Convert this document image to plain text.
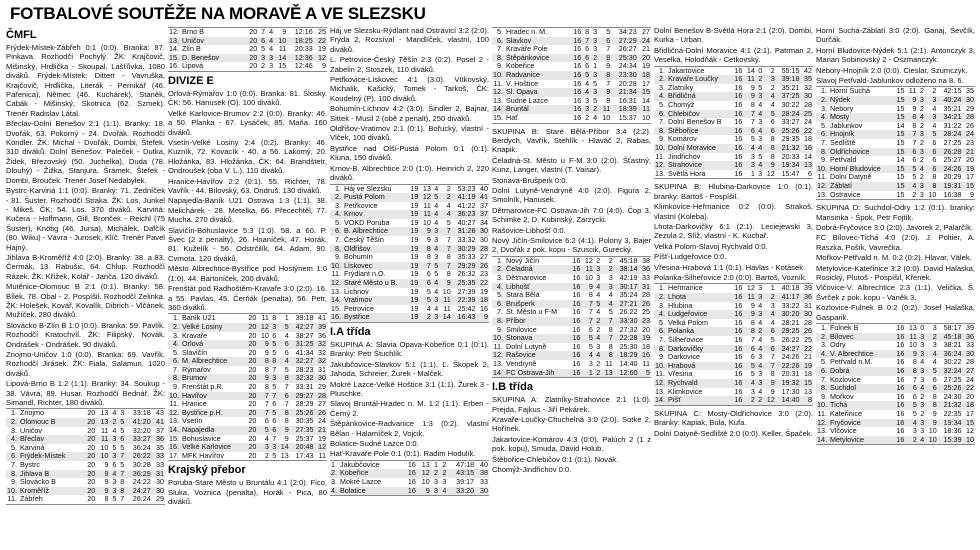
FOTBALOVÉ SOUTĚŽE NA MORAVĚ A VE SLEZSKU
ČMFL

Frýdek-Místek-Zábřeh 0:1 (0:0). Branka: 87. Pinkava. Rozhodčí Pochylý. ŽK: Krajčovič, Mišinský, Hrdlička - Skoupal, Lašťůvka. 1080 diváků. Frýdek-Místek: Dittert - Vavruška, Krajčovič, Hrdlička, Literák - Pernikář (46. Pařenica), Němec (46. Kuchárek), Staněk, Cabák - Mišinský, Skotnica (62. Szmek). Trenér Radislav Látal.

Břeclav-Dolní Benešov 2:1 (1:1). Branky: 18. Dvořák, 63. Pokorný - 24. Dvořák. Rozhodčí Kondler. ŽK: Michal - Dvořák, Dombi, Štefek. 310 diváků. Dolní Benešov: Paleček - Dutka, Židek, Březovský (50. Juchelka), Duda (78. Dlouhý) - Žižka, Stanjura, Šrámek, Štefek - Dombi, Brouček. Trenér Josef Nedabylek.

Bystrc-Karviná 1:1 (0:0). Branky: 71. Zedníček - 81. Šuster. Rozhodčí Straka. ŽK: Los, Junkel - Mikeš. ČK: 54. Los. 370 diváků. Karviná: Kučera - Hoffmann, Gill, Bronček - Reichl (75 Šuster), Knötig (46. Jursa), Michálek, Dafčík (80. Wiku) - Vávra - Jurosek, Klíč. Trenér Pavel Hajný.

Jihlava B-Kroměříž 4:0 (2:0). Branky: 38. a 83. Čermák, 13. Rabušic, 64. Chlup. Rozhodčí Rázek. ŽK: Křížek, Kolář - Janča. 120 diváků.

Mutěnice-Olomouc B 2:1 (0:1). Branky: 58. Bílek, 78. Obal - 2. Pospíšil. Rozhodčí Zelinka. ŽK: Holešek, Kovář, Kovalík, Dibrich - Vlčánek, Mužíček. 280 diváků.

Slovácko B-Zlín B 1:0 (0:0). Branka: 59. Pavlík. Rozhodčí Kratochvíl. ŽK: Filipský, Novák, Ondrášek - Ondrášek. 90 diváků.

Znojmo-Uničov 1:0 (0:0). Branka: 69. Vavřík. Rozhodčí Jirásek. ŽK: Fiala, Salamun. 1020 diváků.

Lipová-Brno B 1:2 (1:1). Branky: 34. Soukup - 38. Vávra, 89. Husar. Rozhodčí Bednář. ŽK: Simandl, Richter. 180 diváků.

1.	Znojmo	20	13	4	3	33:18	43
2.	Olomouc B	20	13	2	5	41:20	41
3.	Uničov	20	11	4	5	32:20	37
4.	Břeclav	20	11	3	6	33:27	36
5.	Karviná	20	10	5	5	36:24	35
6.	Frýdek-Místek	20	10	3	7	26:22	33
7.	Bystrc	20	9	6	5	30:28	33
8.	Jihlava B	20	9	4	7	36:29	31
9.	Slovácko B	20	9	3	8	24:22	30
10.	Kroměříž	20	9	3	8	24:27	30
11.	Zábřeh	20	8	5	7	26:24	29
12.	Brno B	20	7	4	9	12:16	25
13.	Uničov	20	6	4	10	18:25	22
14.	Zlín B	20	5	4	11	20:33	19
15.	D. Benešov	20	3	3	14	12:36	12
16.	Lipová	20	2	3	15	12:46	9
DIVIZE E

Orlová-Rýmařov 1:0 (0:0). Branka: 81. Šlosky. ČK: 56. Hanusek (O). 100 diváků.

Velké Karlovice-Brumov 2:2 (0:0). Branky: 46. a 50. Planka - 67. Lysáček, 85. Maňa. 160 diváků.

Vsetín-Velké Losiny 2:4 (0:2). Branky: 46. Kuzník, 72. Kovacík - 40. a 56. Lakomý, 20. Hložánka, 83. Hložánka. ČK: 64. Brandštetr, Ondroušek (oba V. L.), 110 diváků.

Hranice-Havířov 2:2 (0:1). 55. Richter, 78. Vavřík - 44. Bílovský, 63. Ondruš. 130 diváků.

Napajedla-Baník U21 Ostrava 1:3 (1:1). 38. Melichárek - 28. Metelka, 66. Přecechtěl, 77. Mucha. 270 diváků.

Slavičín-Bohuslavice 5:3 (1:0). 58. a 60. P. Švec (2 z penalty), 26. Hnaníček, 47. Horák, 81. Kuželík - 56. Odstrčilík, 64. Adam, 90. Cvrnota. 120 diváků.

Město Albrechtice-Bystřice pod Hostýnem 1:0 (1:0). 44. Bartoníček, 200 diváků.

Frenštát pod Radhoštěm-Kravaře 3:0 (2:0). 16. a 55. Pavlas, 45. Čerňák (penalta), 56. Petr, 360 diváků.

1.	Baník U21	20	11	8	1	39:18	41
2.	Velké Losiny	20	12	3	5	42:27	39
3.	Kravaře	20	10	6	4	38:27	36
4.	Orlová	20	9	5	6	31:25	32
5.	Slavičín	20	9	5	6	41:34	32
6.	M. Albrechtice	20	8	8	4	32:27	32
7.	Rýmařov	20	8	7	5	28:23	31
8.	Brumov	20	9	3	8	32:32	30
9.	Frenštát p.R.	20	8	5	7	33:31	29
10.	Havířov	20	7	7	6	29:27	28
11.	Hranice	20	7	6	7	28:29	27
12.	Bystřice p.H.	20	7	5	8	25:26	26
13.	Vsetín	20	6	6	8	30:35	24
14.	Napajedla	20	5	6	9	27:35	21
15.	Bohuslavice	20	4	7	9	25:37	19
16.	Velké Karlovice	20	3	3	14	20:48	12
17.	MFK Havířov	20	2	5	13	17:43	11
Krajský přebor

Poruba-Staré Město u Bruntálu 4:1 (2:0). Fico, Sluka, Voznica (penalta), Horák - Pica, 80 diváků.

Háj ve Slezsku-Rýdlant nad Ostravicí 3:2 (2:0). Frýda 2, Rozsíval - Mandlíček, vlastní, 100 diváků.

L. Petrovice-Český Těšín 2:3 (0:2). Posel 2 - Zabelin 2, Stoszek, 110 diváků.

Petřkovice-Lískovec 4:1 (3:0). Vítkovský, Michalik, Kašický, Tomek - Tarkoš, ČK: Koudelný (P), 100 diváků.

Bohumín-Lichnov 4:2 (3:0). Šindler 2, Bajnar, Sittek - Musil 2 (obě z penalt), 250 diváků.

Oldřišov-Vratimov 2:1 (0:1). Bořucký, vlastní - Vlček, 100 diváků.

Bystřice nad Olší-Pustá Polom 0:1 (0:1). Kluna, 150 diváků.

Krnov-B. Albrechtice 2:0 (1:0). Heinrich 2, 220 diváků.

1.	Háj ve Slezsku	19	13	4	2	53:23	40
2.	Pustá Polom	19	12	5	2	41:19	41
3.	Petřkovice	19	11	4	4	41:22	37
4.	Krnov	19	11	4	4	36:23	37
5.	VOKD Poruba	19	10	4	5	40:27	34
6.	B. Albrechtice	19	9	3	7	31:26	30
7.	Český Těšín	19	9	3	7	33:32	30
8.	Oldřišov	19	8	4	7	30:29	28
9.	Bohumín	19	8	3	8	35:33	27
10.	Lískovec	19	7	5	7	29:29	26
11.	Frýdlant n.O.	19	6	5	8	26:32	23
12.	Staré Město u B.	19	6	4	9	25:35	22
13.	Lichnov	19	5	4	10	27:39	19
14.	Vratimov	19	5	3	11	22:39	18
15.	Petrovice	19	4	4	11	25:42	16
16.	Bystřice	19	2	3	14	16:43	9
I.A třída

SKUPINA A: Slavia Opava-Kobeřice 0:1 (0:1). Branky: Petr Štuchlík.

Jakubčovice-Slavkov 5:1 (1:1). Ľ. Škopek 2, Jahoda, Schreier, Žurek - Malček.

Mokré Lazce-Velké Hoštice 3:1 (1:1). Žurek 3 - Pluschke.

Slavoj Bruntál-Hradec n. M. 1:2 (1:1). Erben - Černý 2.

Štěpánkovice-Radvanice 1:3 (0:2). vlastní Bělan - Halamíček 2, Vojcik.

Bolatice-Sudné Lazce 0:0.

Hať-Kravaře Pole 0:1 (0:1). Radim Hodulík.

1.	Jakubčovice	16	13	1	2	47:18	40
2.	Kobeřice	16	12	2	2	43:15	38
3.	Mokré Lazce	16	10	3	3	39:17	33
4.	Bolatice	16	9	3	4	33:20	30
5.	Hradec n. M.	16	8	3	5	34:23	27
6.	Slavkov	16	7	3	6	27:29	24
7.	Kravaře Pole	16	6	3	7	26:27	21
8.	Štěpánkovice	16	6	2	8	25:30	20
9.	Kobeřice	16	6	1	9	24:34	19
10.	Radvanice	16	5	3	8	23:30	18
11.	V. Hoštice	16	4	5	7	20:28	17
12.	Sl. Opava	16	4	3	9	21:34	15
13.	Sudné Lazce	16	3	5	8	16:31	14
14.	Bruntál	16	3	2	11	18:39	11
15.	Hať	16	2	4	10	15:37	10

SKUPINA B: Staré Bělá-Příbor 3:4 (2:2). Berdych, Vavřík, Stehlík - Hlaváč 2, Rabas, Knapik.

Čeladná-St. Město u F-M 3:0 (2:0). Šťastný, Kunz, Langer, vlastní (T. Vaisar).

Stonava-Brušperk 0:0.

Dolní Lutyně-Vendryně 4:0 (2:0). Figura 2, Smolník, Hanusek.

Dětmarovice-FC Ostrava-Jih 7:0 (4:0). Čop 3, Schimke 2, D. Kubinský, Zarzycki.

Rašovice-Libhošť 0:0.

Nový Jičín-Smilovice 6:2 (4:1). Polony 3, Bajer 2, Dvořák z pok. kopu - Szuscik, Gurecký.

1.	Nový Jičín	16	12	2	2	45:18	38
2.	Čeladná	16	11	3	2	38:14	36
3.	Dětmarovice	16	10	3	3	42:19	33
4.	Libhošť	16	9	4	3	30:17	31
5.	Stará Bělá	16	8	4	4	35:24	28
6.	Brušperk	16	7	5	4	27:21	26
7.	St. Město u F-M	16	7	4	5	26:22	25
8.	Příbor	16	7	2	7	33:30	23
9.	Smilovice	16	6	2	8	27:32	20
10.	Stonava	16	5	4	7	22:28	19
11.	Dolní Lutyně	16	5	3	8	25:30	18
12.	Rašovice	16	4	4	8	18:29	16
13.	Vendryně	16	3	2	11	14:40	11
14.	FC Ostrava-Jih	16	1	2	13	12:60	5
I.B třída

SKUPINA A: Zlatníky-Strahovice 2:1 (1:0). Prejda, Fajkus - Jiří Pekárek.

Kravaře-Loučky-Chuchelná 3:0 (2:0). Sotke 2, Hořínek.

Jakartovice-Komárov 4:3 (0:0). Palúch 2 (1 z pok. kopu), Smuda, David Holub.

Štěbořice-Chlebičov 0:1 (0:1). Novák.

Chomýž-Jindřichov 0:0.

Dolní Benešov B-Světlá Hora 2:1 (2:0). Dombi, Kurka - Urban.

Břidličná-Dolní Moravice 4:1 (2:1). Patrman 2, Veselka, Holodňák - Cetkovský.

1.	Jakartovice	16	14	0	2	55:15	42
2.	Kravaře Loučky	16	11	2	3	39:18	35
3.	Zlatníky	16	9	5	2	35:21	32
4.	Břidličná	16	9	3	4	37:25	30
5.	Chomýž	16	8	4	4	30:22	28
6.	Chlebičov	16	7	4	5	28:24	25
7.	Dolní Benešov B	16	7	3	6	33:27	24
8.	Štěbořice	16	6	4	6	25:26	22
9.	Komárov	16	5	3	8	29:35	18
10.	Dolní Moravice	16	4	4	8	21:32	16
11.	Jindřichov	16	3	5	8	20:33	14
12.	Strahovice	16	3	4	9	19:34	13
13.	Světlá Hora	16	1	3	12	15:47	6

SKUPINA B: Hlubina-Darkovice 1:0 (0:1). branky: Bartoš - Pospíšil.

Klimkovice-Heřmanice 0:2 (0:0). Strakoš, vlastní (Koleba).

Lhota-Darkovičky 6:1 (2:1). Leciejewski 3, Zezula 2, Slíž, vlastní - K. Kuchař.

Velká Polom-Slavoj Rychvald 0:0.

Píšť-Ludgeřovice 0:0.

Vřesina-Hrabová 1:1 (0:1). Havlas - Kotásek.

Polanka-Šilheřovice 2:0 (0:0). Bartoš, Vozník.

1.	Heřmanice	16	12	3	1	40:18	39
2.	Lhota	16	11	3	2	41:17	36
3.	Hlubina	16	9	4	3	33:22	31
4.	Ludgeřovice	16	9	3	4	30:20	30
5.	Velká Polom	16	8	4	4	28:21	28
6.	Polanka	16	8	2	6	29:25	26
7.	Šilheřovice	16	7	4	5	26:22	25
8.	Darkovičky	16	6	4	6	24:27	22
9.	Darkovice	16	6	3	7	24:26	21
10.	Hrabová	16	5	4	7	22:26	19
11.	Vřesina	16	5	3	8	20:31	18
12.	Rychvald	16	4	3	9	19:32	15
13.	Klimkovice	16	3	4	9	17:30	13
14.	Píšť	16	2	2	12	14:40	8

SKUPINA C: Mosty-Oldřichovice 3:0 (2:0). Branky: Kapiak, Bula, Kufa.

Dolní Datyně-Sedliště 2:0 (0:0). Keller, Špaček.

Horní Suchá-Záblatí 3:0 (2:0). Ganaj, Ševčík, Durčák.

Horní Bludovice-Nýdek 5:1 (2:1). Antonczyk 3, Marian Sobinovský 2 - Oszmanczyk.

Nebory-Hnojník 2:0 (0:0). Cieslar, Szumczyk.

Slavoj Petřvald-Jablunkov odloženo na 8. 6.

1.	Horní Suchá	15	11	2	2	42:15	35
2.	Nýdek	15	9	3	3	40:24	30
3.	Nebory	15	9	2	4	35:21	29
4.	Mosty	15	8	4	3	34:21	28
5.	Jablunkov	14	8	2	4	31:22	26
6.	Hnojník	15	7	3	5	28:24	24
7.	Sedliště	15	7	2	6	27:25	23
8.	Oldřichovice	15	6	3	6	26:28	21
9.	Petřvald	14	6	2	6	25:27	20
10.	Horní Bludovice	15	5	4	6	24:26	19
11.	Dolní Datyně	15	5	2	8	20:29	17
12.	Záblatí	15	4	3	8	19:31	15
13.	Ostravice	15	2	3	10	16:38	9

SKUPINA D: Suchdol-Odry 1:2 (0:1). branky: Mansinka - Špok, Petr Fojtík.

Dobrá-Fryčovice 3:0 (2:0). Javorek 2, Palarčík.

FC Bílovec-Tichá 4:0 (2:0). J. Poltier, A. Raszka, Pošík, Vavrečka.

Mořkov-Petřvald n. M. 0:2 (0:2). Hlavar, Válek.

Metylovice-Kateřinice 3:2 (0:0). David Halaska, Rosický, Plutoš - Pospíšil, Křenek.

Vlčovice-V. Albrechtice 2:3 (1:1). Velička, Š. Švrček z pok. kopu - Vaněk 3.

Kozlovice-Fulnek B 0:2 (0:2). Josef Halaška, Gasparik.

1.	Fulnek B	16	13	0	3	58:17	39
2.	Bílovec	16	11	3	2	45:18	36
3.	Odry	16	10	3	3	38:21	33
4.	V. Albrechtice	16	9	3	4	36:24	30
5.	Petřvald n.M.	16	8	4	4	30:22	28
6.	Dobrá	16	8	3	5	32:24	27
7.	Kozlovice	16	7	3	6	27:25	24
8.	Suchdol	16	6	4	6	25:26	22
9.	Mořkov	16	6	2	8	24:30	20
10.	Tichá	16	5	3	8	21:32	18
11.	Kateřinice	16	5	2	9	22:35	17
12.	Fryčovice	16	4	3	9	19:34	15
13.	Vlčovice	16	3	3	10	18:36	12
14.	Metylovice	16	2	4	10	15:39	10
